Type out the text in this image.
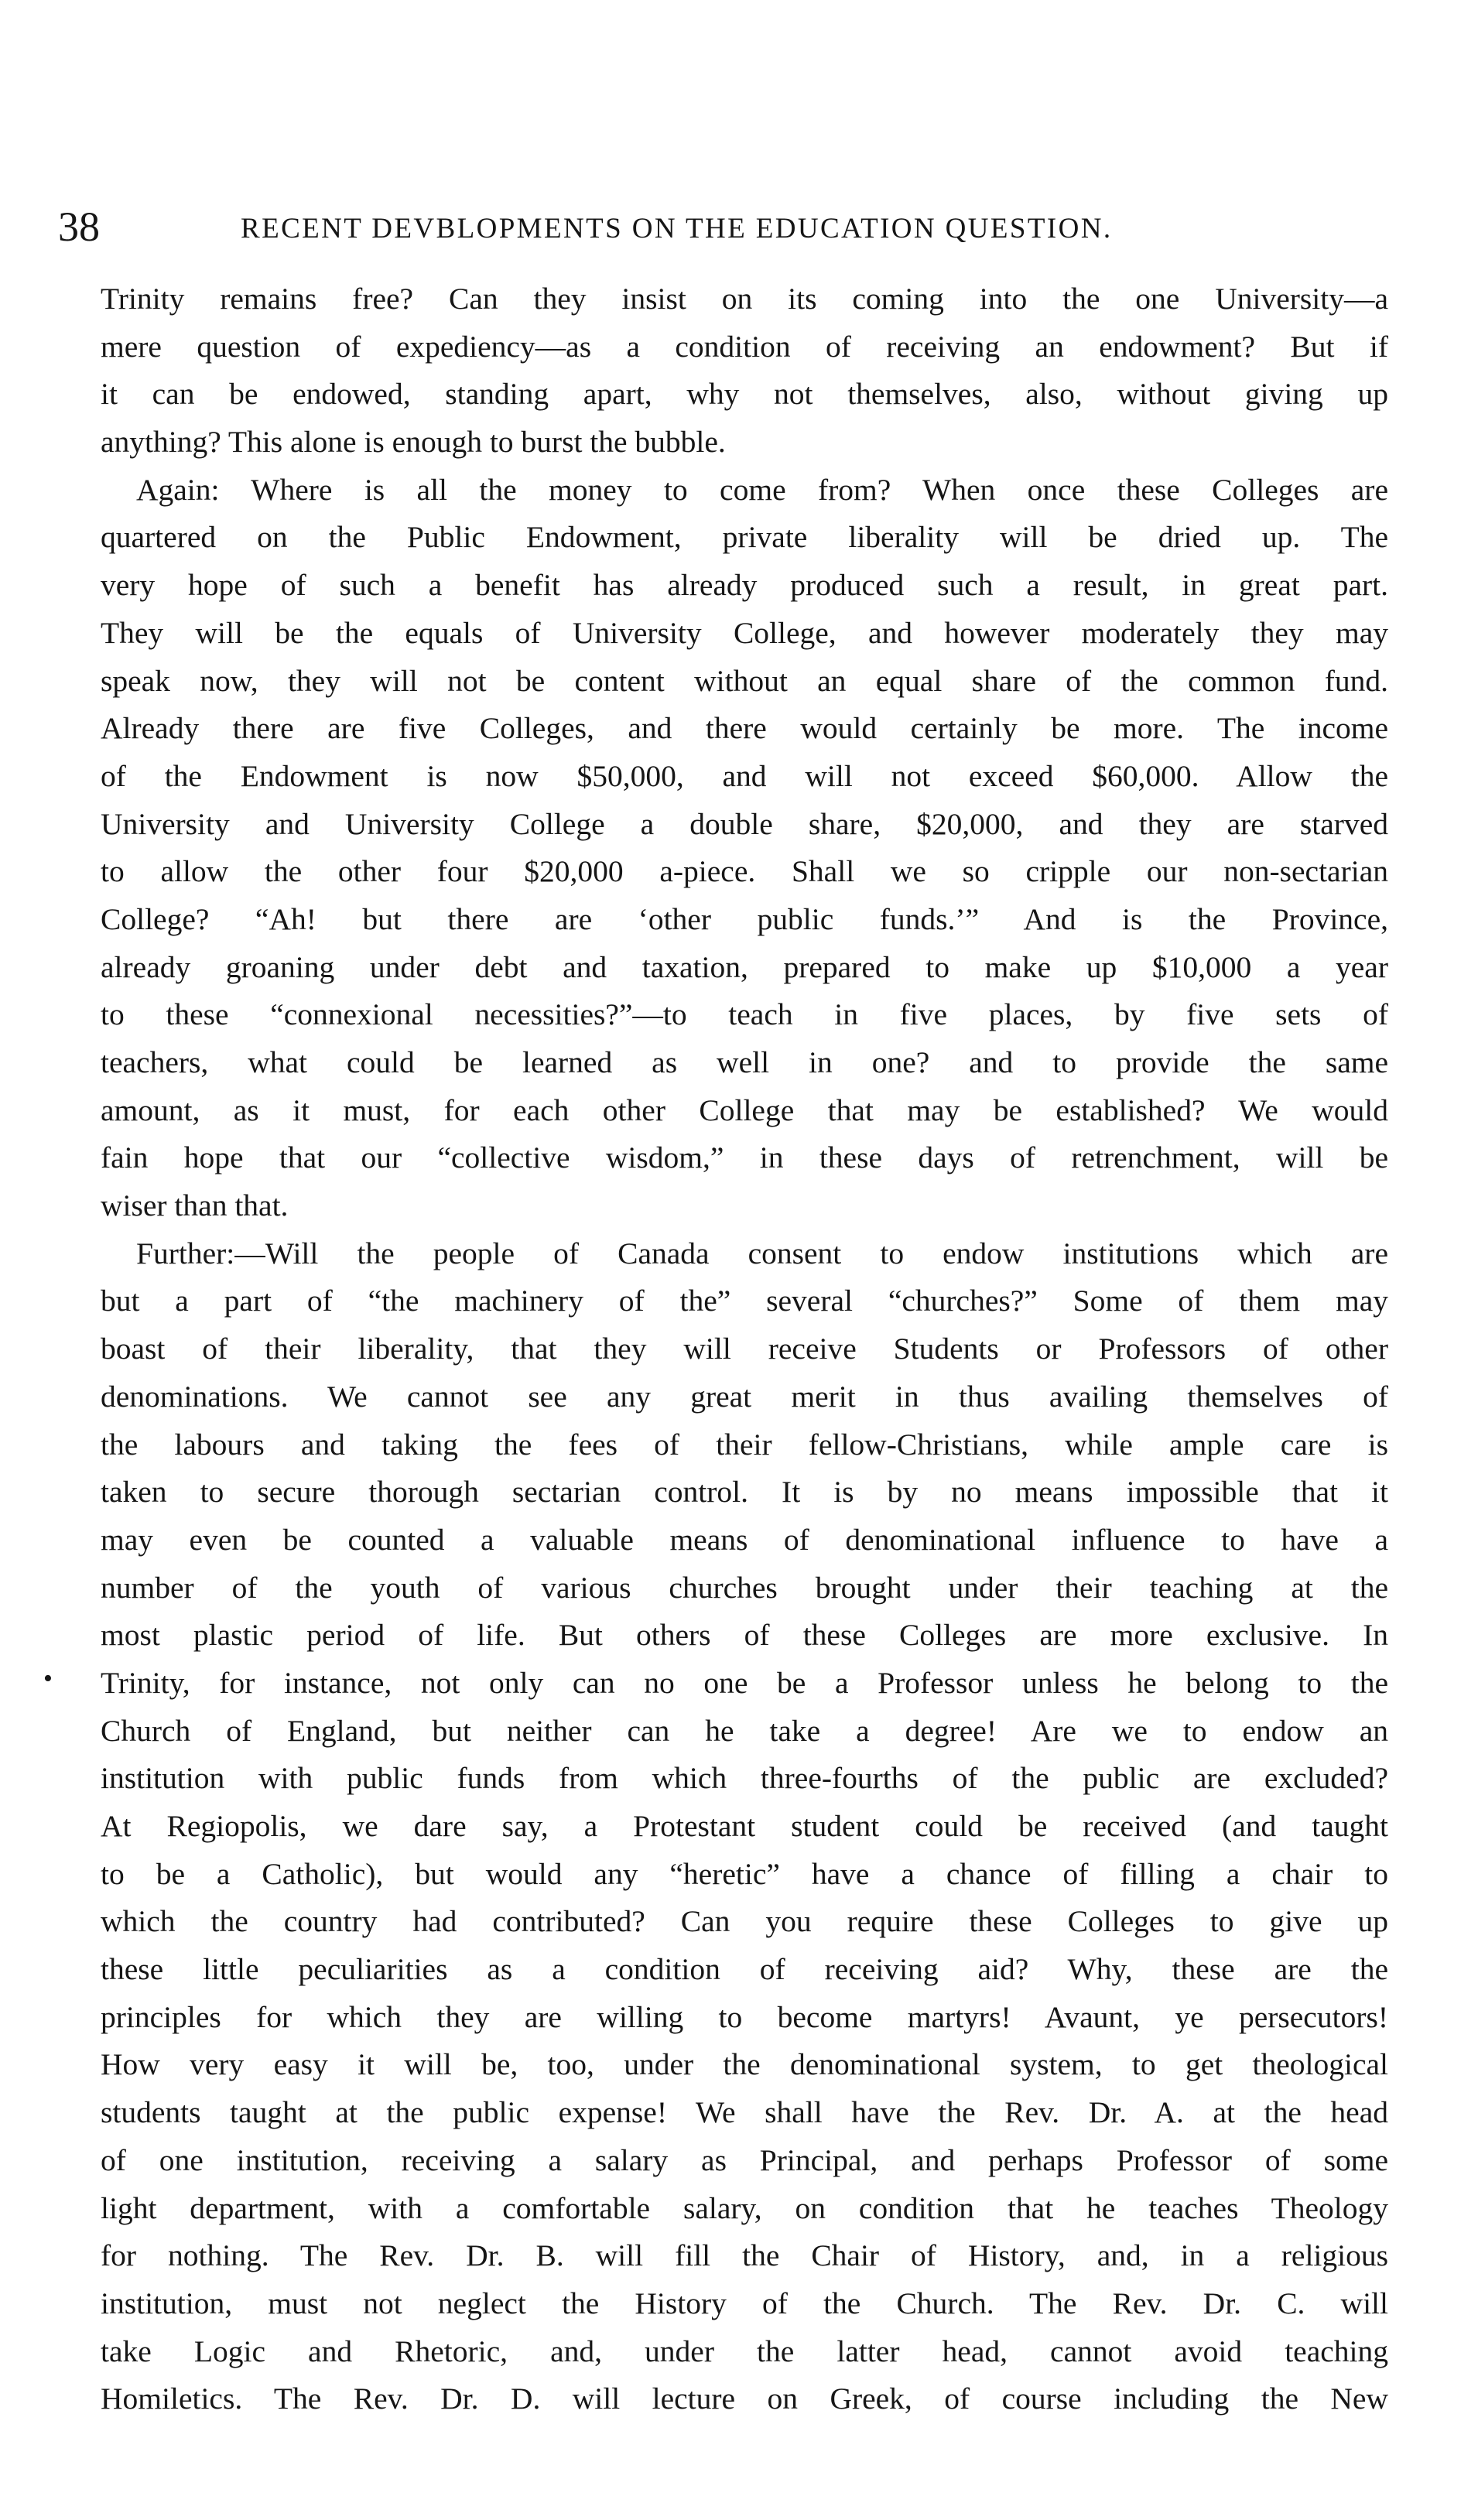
38	RECENT DEVBLOPMENTS ON THE EDUCATION QUESTION.
•
Trinity remains free? Can they insist on its coming into the one University—a
mere question of expediency—as a condition of receiving an endowment? But if
it can be endowed, standing apart, why not themselves, also, without giving up
anything? This alone is enough to burst the bubble.
Again: Where is all the money to come from? When once these Colleges are
quartered on the Public Endowment, private liberality will be dried up. The
very hope of such a benefit has already produced such a result, in great part.
They will be the equals of University College, and however moderately they may
speak now, they will not be content without an equal share of the common fund.
Already there are five Colleges, and there would certainly be more. The income
of the Endowment is now $50,000, and will not exceed $60,000. Allow the
University and University College a double share, $20,000, and they are starved
to allow the other four $20,000 a-piece. Shall we so cripple our non-sectarian
College? “Ah! but there are ‘other public funds.’” And is the Province,
already groaning under debt and taxation, prepared to make up $10,000 a year
to these “connexional necessities?”—to teach in five places, by five sets of
teachers, what could be learned as well in one? and to provide the same
amount, as it must, for each other College that may be established? We would
fain hope that our “collective wisdom,” in these days of retrenchment, will be
wiser than that.
Further:—Will the people of Canada consent to endow institutions which are
but a part of “the machinery of the” several “churches?” Some of them may
boast of their liberality, that they will receive Students or Professors of other
denominations. We cannot see any great merit in thus availing themselves of
the labours and taking the fees of their fellow-Christians, while ample care is
taken to secure thorough sectarian control. It is by no means impossible that it
may even be counted a valuable means of denominational influence to have a
number of the youth of various churches brought under their teaching at the
most plastic period of life. But others of these Colleges are more exclusive. In
Trinity, for instance, not only can no one be a Professor unless he belong to the
Church of England, but neither can he take a degree! Are we to endow an
institution with public funds from which three-fourths of the public are excluded?
At Regiopolis, we dare say, a Protestant student could be received (and taught
to be a Catholic), but would any “heretic” have a chance of filling a chair to
which the country had contributed? Can you require these Colleges to give up
these little peculiarities as a condition of receiving aid? Why, these are the
principles for which they are willing to become martyrs! Avaunt, ye persecutors!
How very easy it will be, too, under the denominational system, to get theological
students taught at the public expense! We shall have the Rev. Dr. A. at the head
of one institution, receiving a salary as Principal, and perhaps Professor of some
light department, with a comfortable salary, on condition that he teaches Theology
for nothing. The Rev. Dr. B. will fill the Chair of History, and, in a religious
institution, must not neglect the History of the Church. The Rev. Dr. C. will
take Logic and Rhetoric, and, under the latter head, cannot avoid teaching
Homiletics. The Rev. Dr. D. will lecture on Greek, of course including the New
